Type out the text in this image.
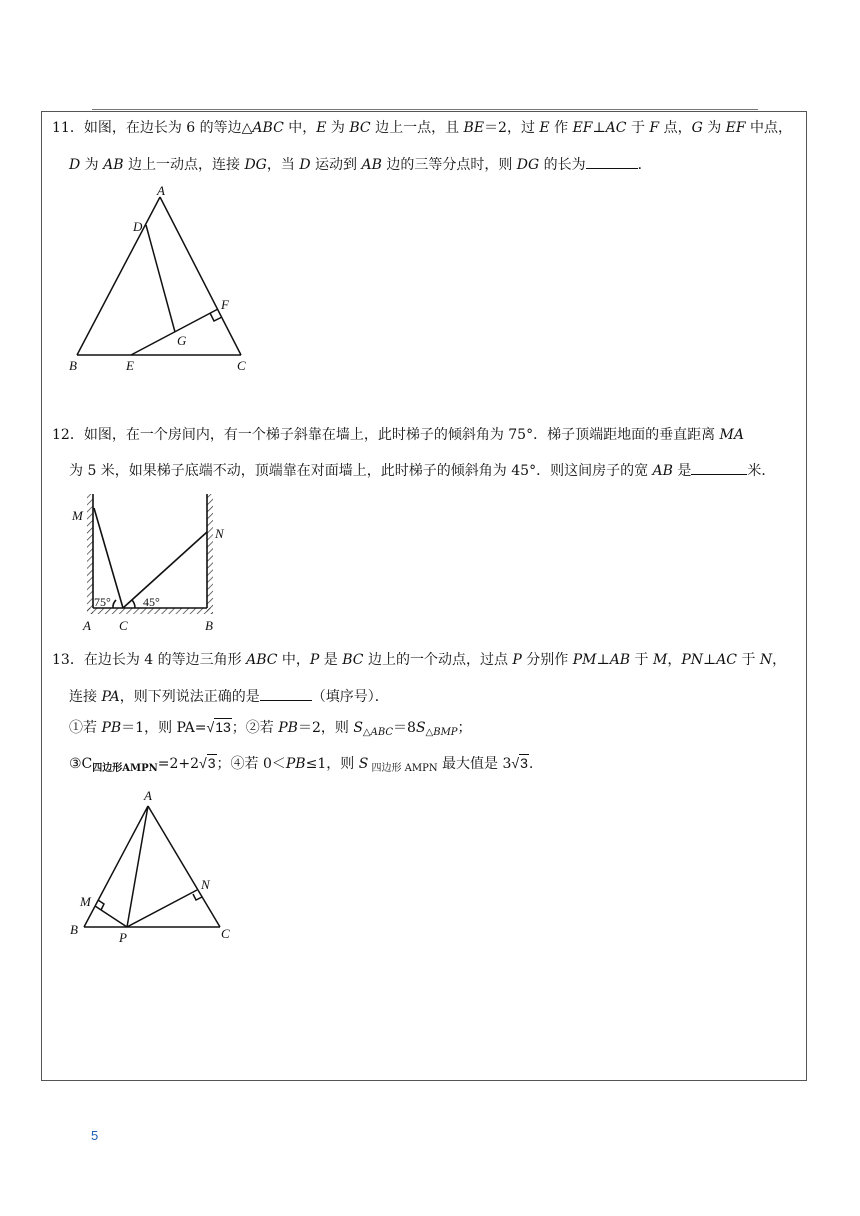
11．如图，在边长为 6 的等边△ABC 中，E 为 BC 边上一点，且 BE＝2，过 E 作 EF⊥AC 于 F 点，G 为 EF 中点，
D 为 AB 边上一动点，连接 DG，当 D 运动到 AB 边的三等分点时，则 DG 的长为	．
A
D
F
G
B	E	C
12．如图，在一个房间内，有一个梯子斜靠在墙上，此时梯子的倾斜角为 75°．梯子顶端距地面的垂直距离 MA
为 5 米，如果梯子底端不动，顶端靠在对面墙上，此时梯子的倾斜角为 45°．则这间房子的宽 AB 是	米．
M
N
75°	45°
A C	B
13．在边长为 4 的等边三角形 ABC 中，P 是 BC 边上的一个动点，过点 P 分别作 PM⊥AB 于 M，PN⊥AC 于 N，
连接 PA，则下列说法正确的是	（填序号）．
①若 PB＝1，则 PA=√13；②若 PB＝2，则 $S_{\triangle ABC}=8S_{\triangle BMP}$；
$③C_{四边形AMPN}=2+2√3$；④若 0＜PB≤1，则 S $_{四边形 AMPN}$ 最大值是 3√3.
A
M
N
B
P	C
5
